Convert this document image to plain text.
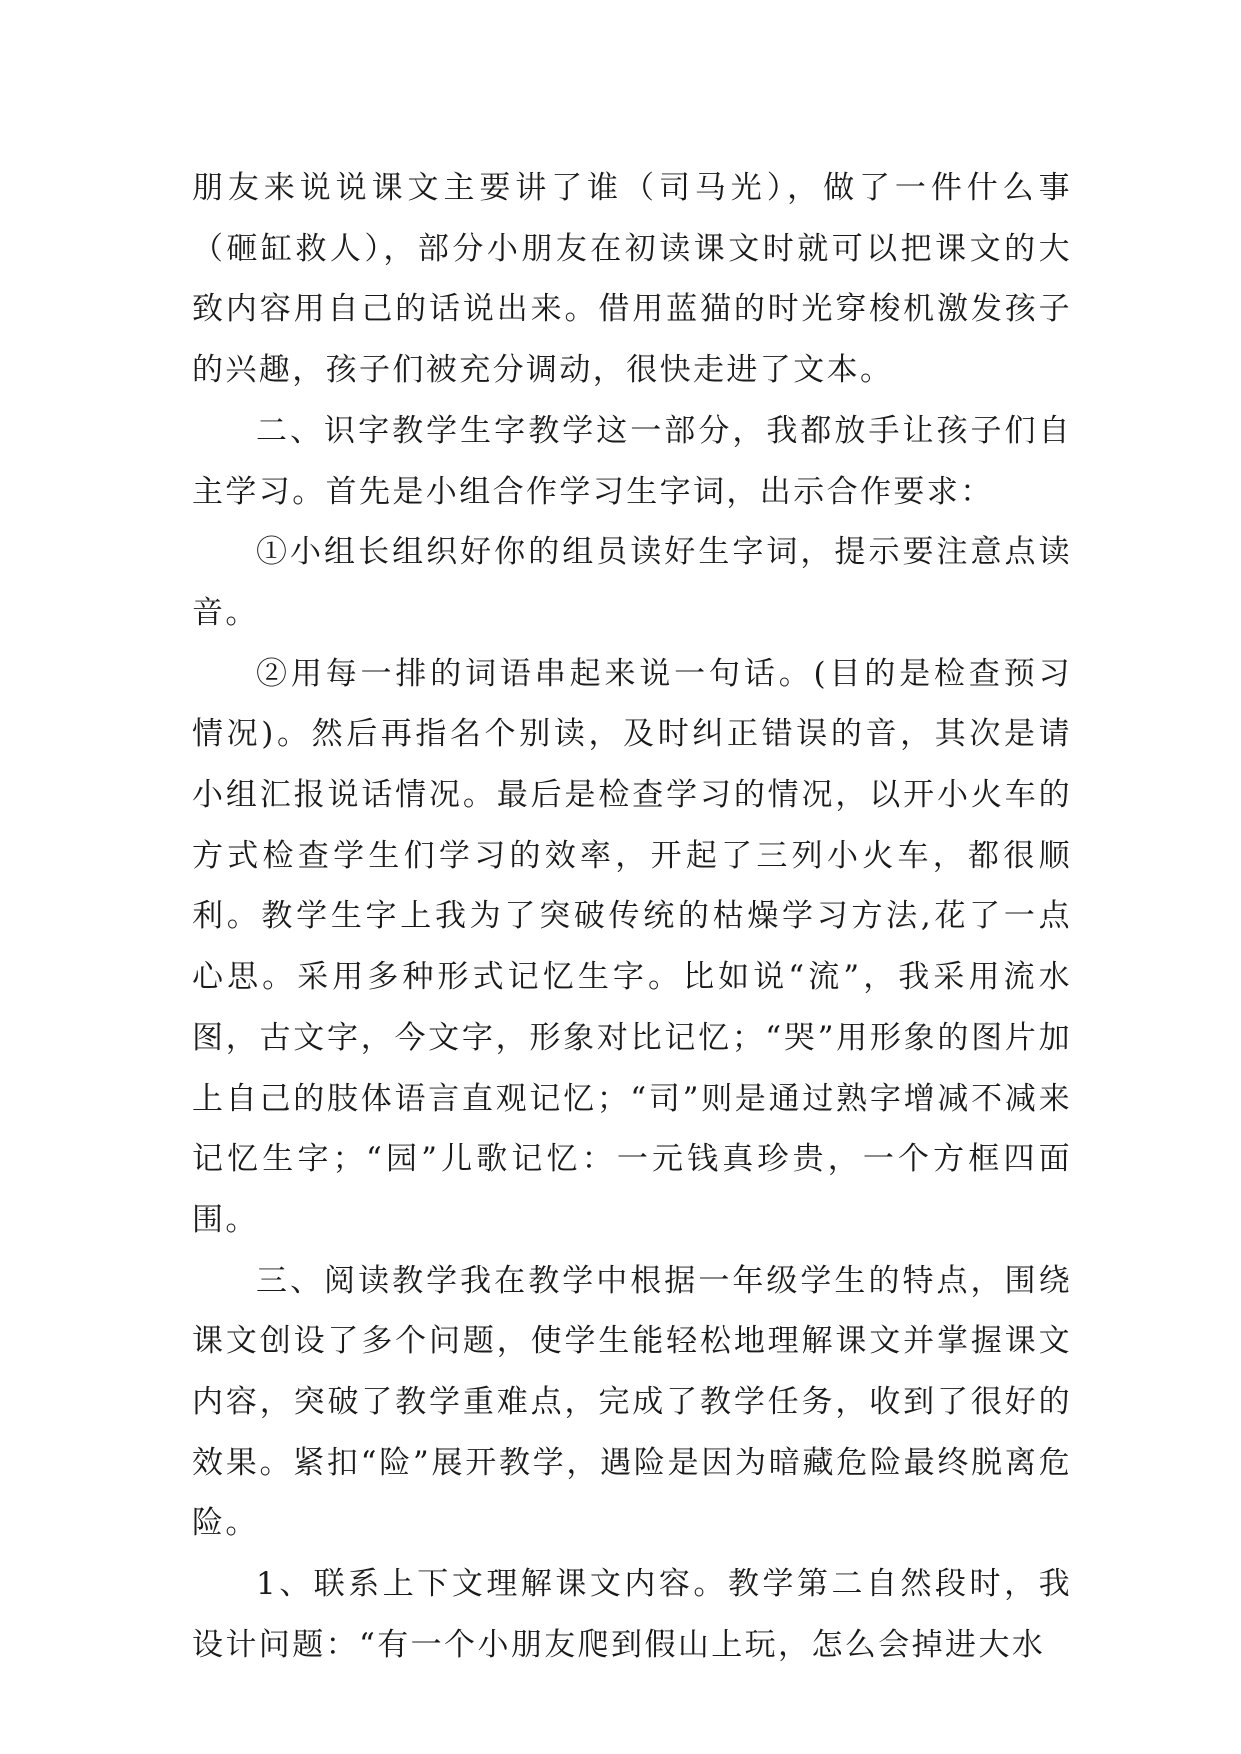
朋友来说说课文主要讲了谁（司马光），做了一件什么事（砸缸救人），部分小朋友在初读课文时就可以把课文的大致内容用自己的话说出来。借用蓝猫的时光穿梭机激发孩子的兴趣，孩子们被充分调动，很快走进了文本。

二、识字教学生字教学这一部分，我都放手让孩子们自主学习。首先是小组合作学习生字词，出示合作要求：

①小组长组织好你的组员读好生字词，提示要注意点读音。

②用每一排的词语串起来说一句话。(目的是检查预习情况)。然后再指名个别读，及时纠正错误的音，其次是请小组汇报说话情况。最后是检查学习的情况，以开小火车的方式检查学生们学习的效率，开起了三列小火车，都很顺利。教学生字上我为了突破传统的枯燥学习方法,花了一点心思。采用多种形式记忆生字。比如说“流”，我采用流水图，古文字，今文字，形象对比记忆；“哭”用形象的图片加上自己的肢体语言直观记忆；“司”则是通过熟字增减不减来记忆生字；“园”儿歌记忆：一元钱真珍贵，一个方框四面围。

三、阅读教学我在教学中根据一年级学生的特点，围绕课文创设了多个问题，使学生能轻松地理解课文并掌握课文内容，突破了教学重难点，完成了教学任务，收到了很好的效果。紧扣“险”展开教学，遇险是因为暗藏危险最终脱离危险。

1、联系上下文理解课文内容。教学第二自然段时，我设计问题：“有一个小朋友爬到假山上玩，怎么会掉进大水
